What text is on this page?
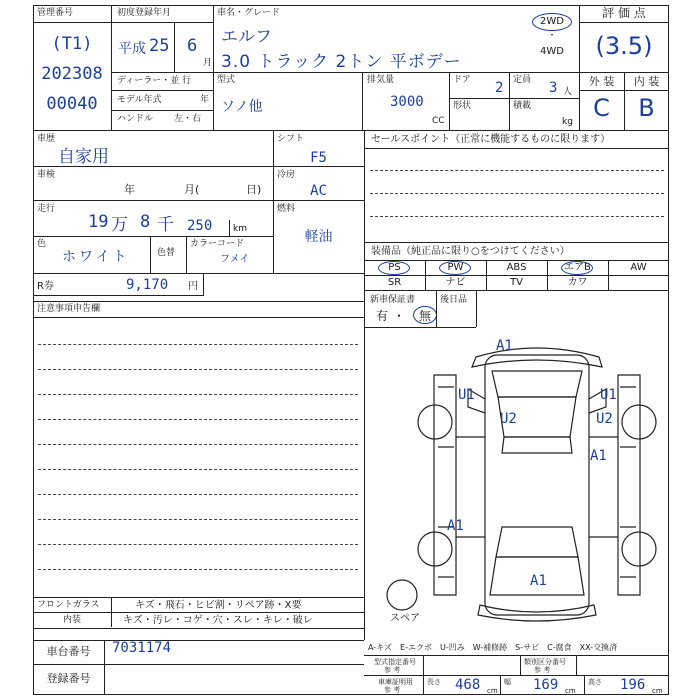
管理番号
(T1)
202308
00040
初度登録年月
平成 25 6
月
ディーラー・並 行
モデル年式	年
ハンドル 左・右
車名・グレード
エルフ
3.0 トラック 2トン 平ボデー
2WD
・
4WD
型式
ソノ他
排気量
3000
CC
ドア 2 定員 3 人
形状	積載
kg
評 価 点
(3.5)
外 装	内 装
C	B
車歴
自家用
車検
年	月(	日)
走行
19 万 8 千 250 km
色
ホワイト	色替
カラーコード
フメイ
シフト
F5
冷房
AC
燃料
軽油
R券	9,170 円
セールスポイント（正常に機能するものに限ります）
装備品（純正品に限り○をつけてください）
PS	PW	ABS	エアB	AW
SR	ナビ	TV	カワ
新車保証書
有 ・	無
後日品
注意事項申告欄
A1
U1	U1
U2	U2
A1
A1
A1
スペア
フロントガラス	キズ・飛石・ヒビ割・リペア跡・X要
内装	キズ・汚レ・コゲ・穴・スレ・キレ・破レ
車台番号	7031174
登録番号
A-キズ　E-エクボ　U-凹み　W-補修跡　S-サビ　C-腐食　XX-交換済
型式指定番号
参 考
類別区分番号
参 考
車庫証明用
参 考
長さ 468 cm
幅 169 cm
高さ 196 cm
